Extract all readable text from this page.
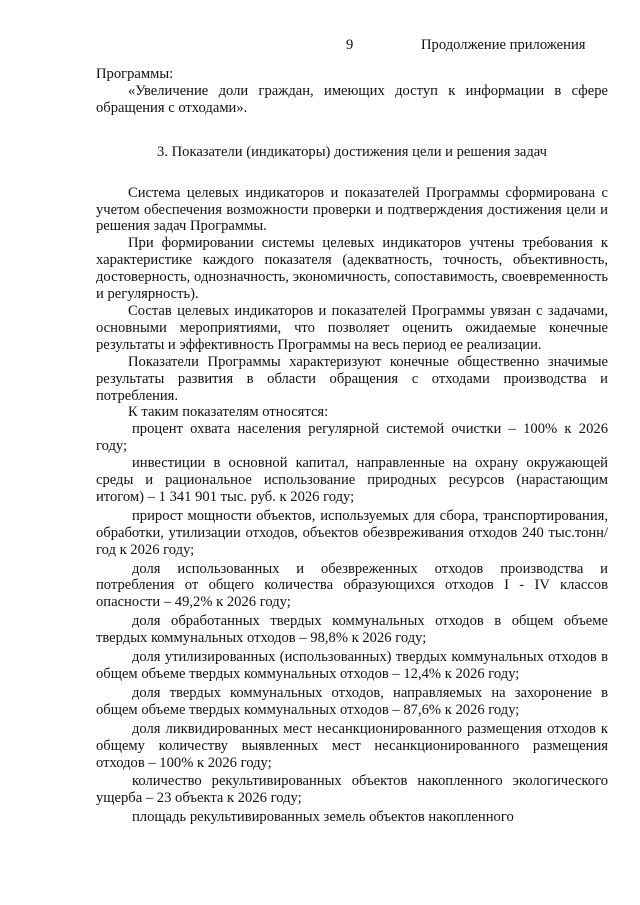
9	Продолжение приложения

Программы:

«Увеличение доли граждан, имеющих доступ к информации в сфере обращения с отходами».

3. Показатели (индикаторы) достижения цели и решения задач

Система целевых индикаторов и показателей Программы сформирована с учетом обеспечения возможности проверки и подтверждения достижения цели и решения задач Программы.

При формировании системы целевых индикаторов учтены требования к характеристике каждого показателя (адекватность, точность, объективность, достоверность, однозначность, экономичность, сопоставимость, своевременность и регулярность).

Состав целевых индикаторов и показателей Программы увязан с задачами, основными мероприятиями, что позволяет оценить ожидаемые конечные результаты и эффективность Программы на весь период ее реализации.

Показатели Программы характеризуют конечные общественно значимые результаты развития в области обращения с отходами производства и потребления.

К таким показателям относятся:

процент охвата населения регулярной системой очистки – 100% к 2026 году;

инвестиции в основной капитал, направленные на охрану окружающей среды и рациональное использование природных ресурсов (нарастающим итогом) – 1 341 901 тыс. руб. к 2026 году;

прирост мощности объектов, используемых для сбора, транспортирования, обработки, утилизации отходов, объектов обезвреживания отходов 240 тыс.тонн/год к 2026 году;

доля использованных и обезвреженных отходов производства и потребления от общего количества образующихся отходов I - IV классов опасности – 49,2% к 2026 году;

доля обработанных твердых коммунальных отходов в общем объеме твердых коммунальных отходов – 98,8% к 2026 году;

доля утилизированных (использованных) твердых коммунальных отходов в общем объеме твердых коммунальных отходов – 12,4% к 2026 году;

доля твердых коммунальных отходов, направляемых на захоронение в общем объеме твердых коммунальных отходов – 87,6% к 2026 году;

доля ликвидированных мест несанкционированного размещения отходов к общему количеству выявленных мест несанкционированного размещения отходов – 100% к 2026 году;

количество рекультивированных объектов накопленного экологического ущерба – 23 объекта к 2026 году;

площадь рекультивированных земель объектов накопленного
